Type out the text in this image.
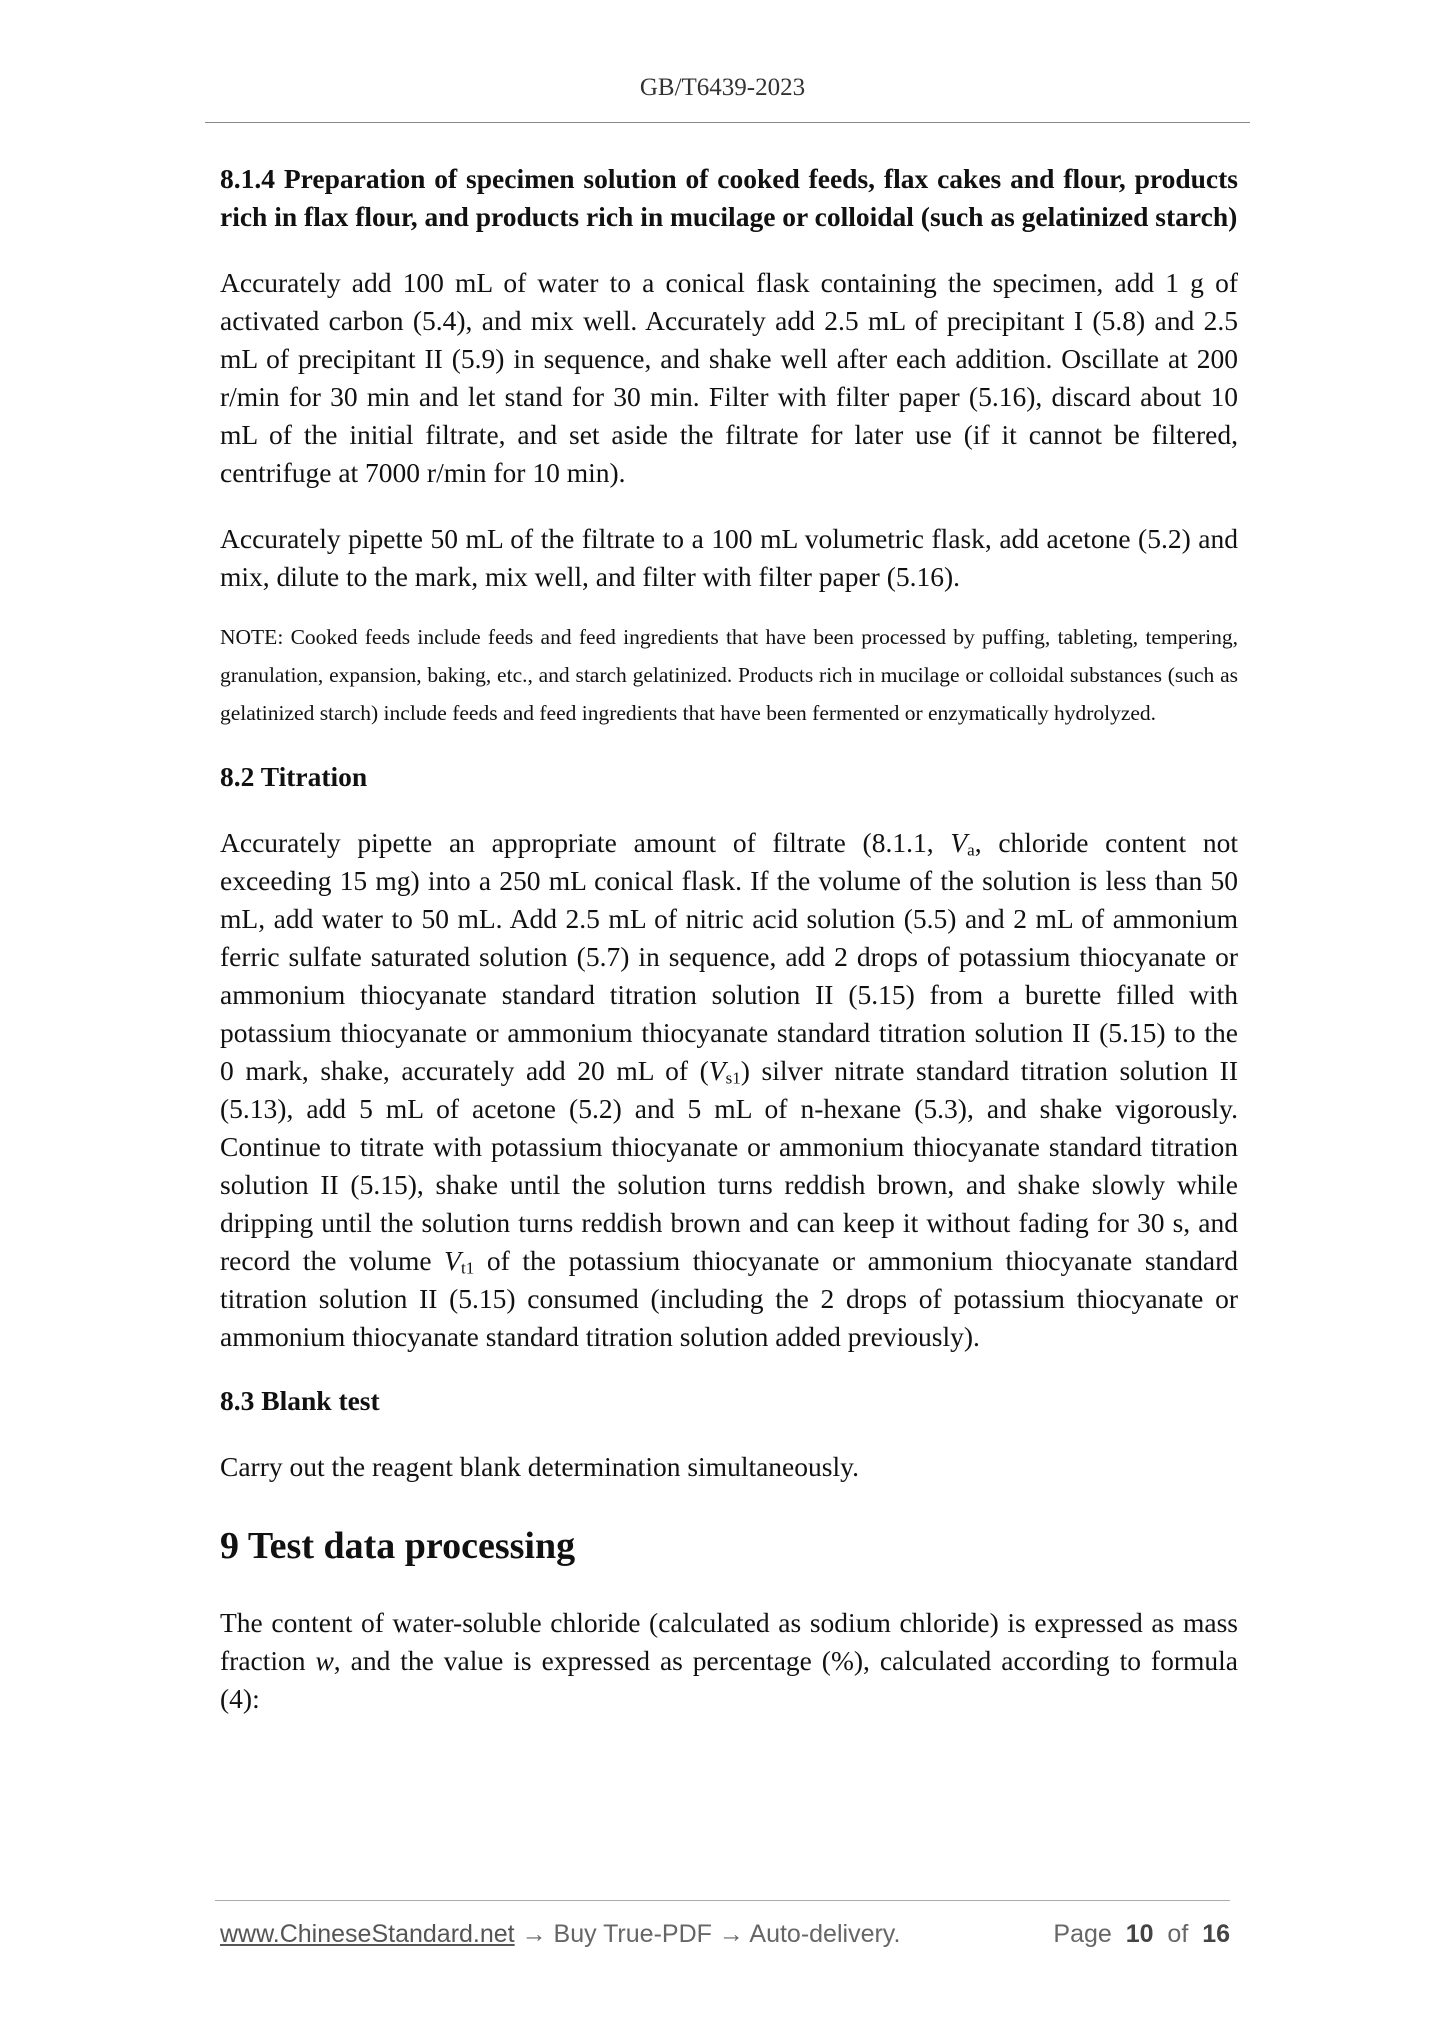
GB/T6439-2023
8.1.4 Preparation of specimen solution of cooked feeds, flax cakes and flour, products rich in flax flour, and products rich in mucilage or colloidal (such as gelatinized starch)

Accurately add 100 mL of water to a conical flask containing the specimen, add 1 g of activated carbon (5.4), and mix well. Accurately add 2.5 mL of precipitant I (5.8) and 2.5 mL of precipitant II (5.9) in sequence, and shake well after each addition. Oscillate at 200 r/min for 30 min and let stand for 30 min. Filter with filter paper (5.16), discard about 10 mL of the initial filtrate, and set aside the filtrate for later use (if it cannot be filtered, centrifuge at 7000 r/min for 10 min).

Accurately pipette 50 mL of the filtrate to a 100 mL volumetric flask, add acetone (5.2) and mix, dilute to the mark, mix well, and filter with filter paper (5.16).

NOTE: Cooked feeds include feeds and feed ingredients that have been processed by puffing, tableting, tempering, granulation, expansion, baking, etc., and starch gelatinized. Products rich in mucilage or colloidal substances (such as gelatinized starch) include feeds and feed ingredients that have been fermented or enzymatically hydrolyzed.

8.2 Titration

Accurately pipette an appropriate amount of filtrate (8.1.1, $V_a$, chloride content not exceeding 15 mg) into a 250 mL conical flask. If the volume of the solution is less than 50 mL, add water to 50 mL. Add 2.5 mL of nitric acid solution (5.5) and 2 mL of ammonium ferric sulfate saturated solution (5.7) in sequence, add 2 drops of potassium thiocyanate or ammonium thiocyanate standard titration solution II (5.15) from a burette filled with potassium thiocyanate or ammonium thiocyanate standard titration solution II (5.15) to the 0 mark, shake, accurately add 20 mL of $(V_{s1})$ silver nitrate standard titration solution II (5.13), add 5 mL of acetone (5.2) and 5 mL of n-hexane (5.3), and shake vigorously. Continue to titrate with potassium thiocyanate or ammonium thiocyanate standard titration solution II (5.15), shake until the solution turns reddish brown, and shake slowly while dripping until the solution turns reddish brown and can keep it without fading for 30 s, and record the volume $V_{t1}$ of the potassium thiocyanate or ammonium thiocyanate standard titration solution II (5.15) consumed (including the 2 drops of potassium thiocyanate or ammonium thiocyanate standard titration solution added previously).

8.3 Blank test

Carry out the reagent blank determination simultaneously.

9 Test data processing

The content of water-soluble chloride (calculated as sodium chloride) is expressed as mass fraction w, and the value is expressed as percentage (%), calculated according to formula (4):

www.ChineseStandard.net → Buy True-PDF → Auto-delivery.	Page 10 of 16
